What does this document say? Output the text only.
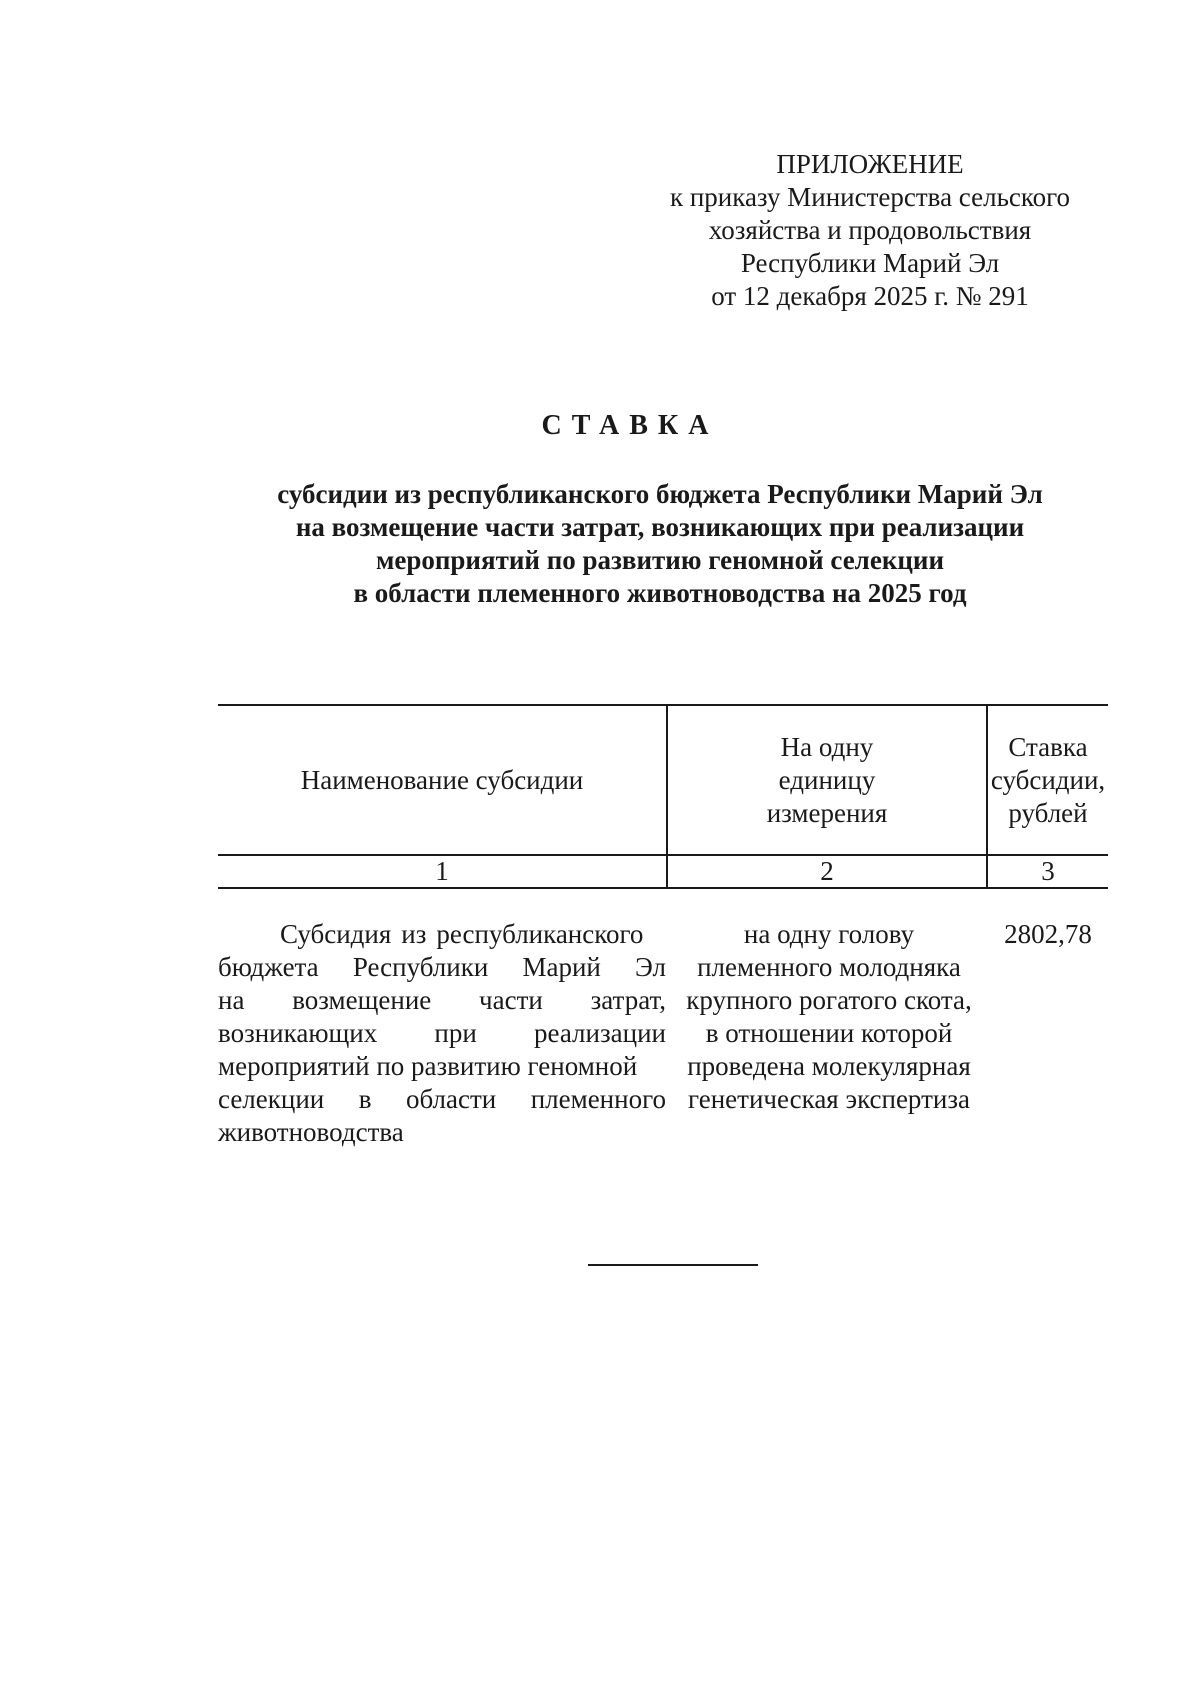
ПРИЛОЖЕНИЕ
к приказу Министерства сельского
хозяйства и продовольствия
Республики Марий Эл
от 12 декабря 2025 г. № 291
СТАВКА
субсидии из республиканского бюджета Республики Марий Эл
на возмещение части затрат, возникающих при реализации
мероприятий по развитию геномной селекции
в области племенного животноводства на 2025 год
Наименование субсидии
На одну
единицу
измерения
Ставка
субсидии,
рублей
1	2	3
Субсидия из республиканского
бюджета Республики Марий Эл
на возмещение части затрат,
возникающих при реализации
мероприятий по развитию геномной
селекции в области племенного
животноводства
на одну голову
племенного молодняка
крупного рогатого скота,
в отношении которой
проведена молекулярная
генетическая экспертиза
2802,78
